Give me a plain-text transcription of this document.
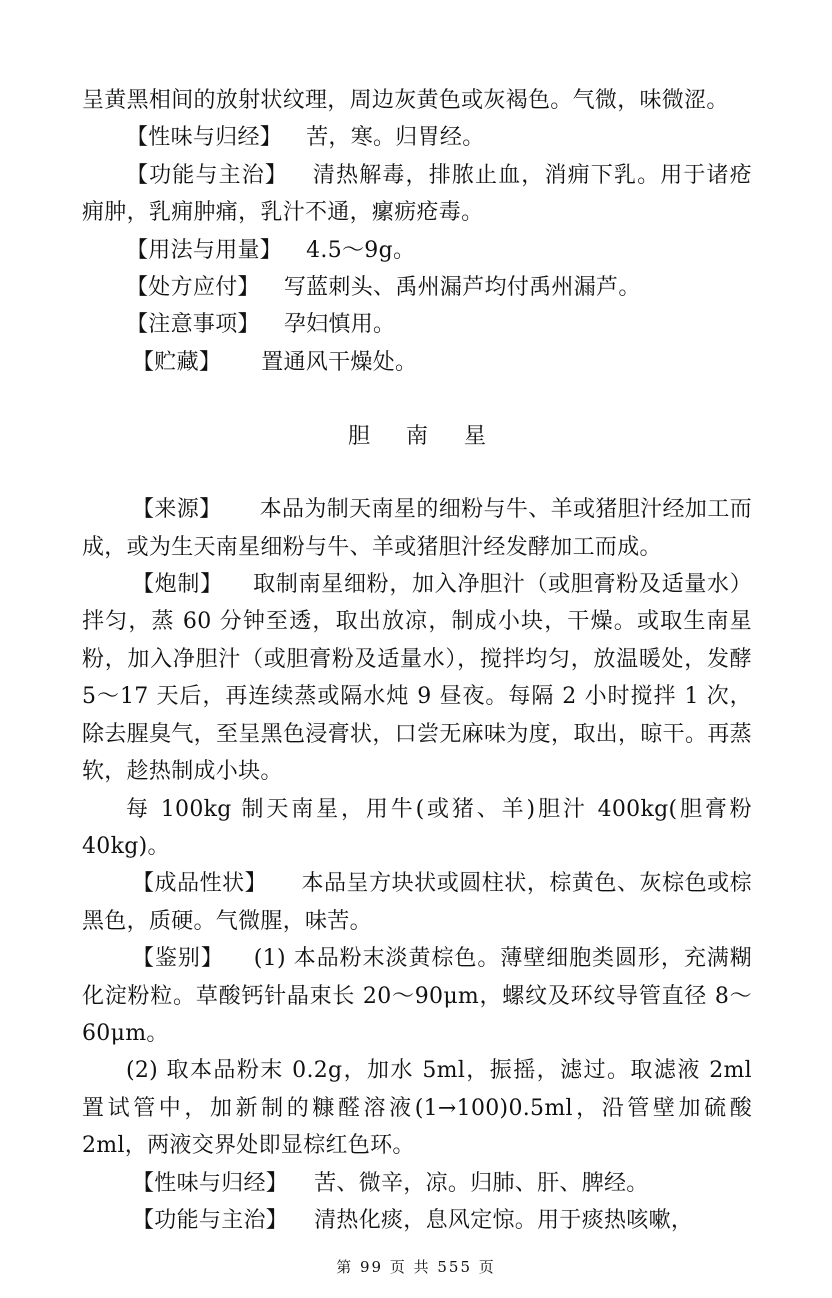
呈黄黑相间的放射状纹理，周边灰黄色或灰褐色。气微，味微涩。

【性味与归经】 苦，寒。归胃经。

【功能与主治】 清热解毒，排脓止血，消痈下乳。用于诸疮痈肿，乳痈肿痛，乳汁不通，瘰疬疮毒。

【用法与用量】 4.5～9g。

【处方应付】 写蓝刺头、禹州漏芦均付禹州漏芦。

【注意事项】 孕妇慎用。

【贮藏】 置通风干燥处。

胆南星

【来源】 本品为制天南星的细粉与牛、羊或猪胆汁经加工而成，或为生天南星细粉与牛、羊或猪胆汁经发酵加工而成。

【炮制】 取制南星细粉，加入净胆汁（或胆膏粉及适量水）拌匀，蒸 60 分钟至透，取出放凉，制成小块，干燥。或取生南星粉，加入净胆汁（或胆膏粉及适量水），搅拌均匀，放温暖处，发酵 5～17 天后，再连续蒸或隔水炖 9 昼夜。每隔 2 小时搅拌 1 次，除去腥臭气，至呈黑色浸膏状，口尝无麻味为度，取出，晾干。再蒸软，趁热制成小块。

每 100kg 制天南星，用牛(或猪、羊)胆汁 400kg(胆膏粉 40kg)。

【成品性状】 本品呈方块状或圆柱状，棕黄色、灰棕色或棕黑色，质硬。气微腥，味苦。

【鉴别】 (1) 本品粉末淡黄棕色。薄壁细胞类圆形，充满糊化淀粉粒。草酸钙针晶束长 20～90μm，螺纹及环纹导管直径 8～60μm。

(2) 取本品粉末 0.2g，加水 5ml，振摇，滤过。取滤液 2ml 置试管中，加新制的糠醛溶液(1→100)0.5ml，沿管壁加硫酸 2ml，两液交界处即显棕红色环。

【性味与归经】 苦、微辛，凉。归肺、肝、脾经。

【功能与主治】 清热化痰，息风定惊。用于痰热咳嗽，

第 99 页 共 555 页
